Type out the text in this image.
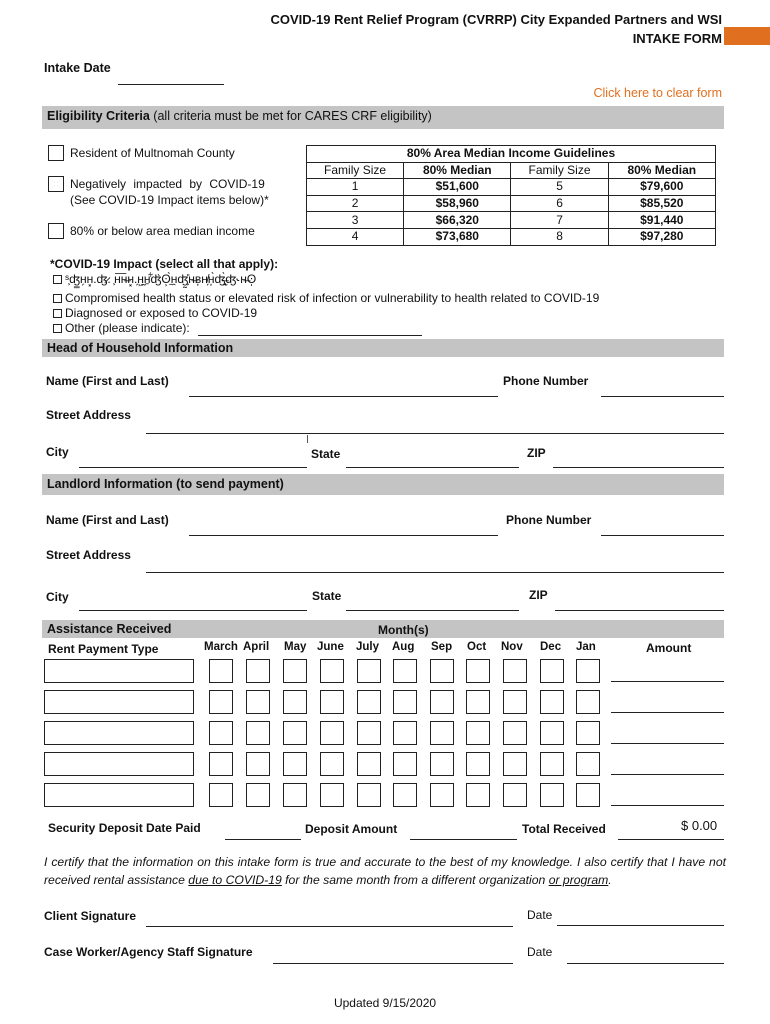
COVID-19 Rent Relief Program (CVRRP) City Expanded Partners and WSI
INTAKE FORM
Intake Date
Click here to clear form
Eligibility Criteria (all criteria must be met for CARES CRF eligibility)
Resident of Multnomah County
Negatively impacted by COVID-19
(See COVID-19 Impact items below)*
80% or below area median income
80% Area Median Income Guidelines			
Family Size	80% Median	Family Size	80% Median
1	$51,600	5	$79,600
2	$58,960	6	$85,520
3	$66,320	7	$91,440
4	$73,680	8	$97,280
*COVID-19 Impact (select all that apply):
ˢ͕ʤ͇ʜ̗ʜ͓.ʤ̷. ͕ʜ͞͏ʜ̶ʜ͓.̗ʜ͖̰ʜ̱͋ʤ̀ʘ͕̱̀ʜ̯ʤ̰̗̎ʜ̶ʙ͎ʜ̸̗ʜ͎̀ʤ̶̰̹̩̀ʤ˞ʜ̶ʘ̩
Compromised health status or elevated risk of infection or vulnerability to health related to COVID-19
Diagnosed or exposed to COVID-19
Other (please indicate):
Head of Household Information
Name (First and Last)	Phone Number
Street Address
City	State	ZIP
Landlord Information (to send payment)
Name (First and Last)	Phone Number
Street Address
City	State	ZIP
Assistance Received	Month(s)
Rent Payment Type	Amount
March April May June July Aug Sep Oct Nov Dec Jan
Security Deposit Date Paid	Deposit Amount	Total Received	$ 0.00
I certify that the information on this intake form is true and accurate to the best of my knowledge. I also certify that I have not received rental assistance due to COVID-19 for the same month from a different organization or program.
Client Signature	Date
Case Worker/Agency Staff Signature	Date
Updated 9/15/2020
